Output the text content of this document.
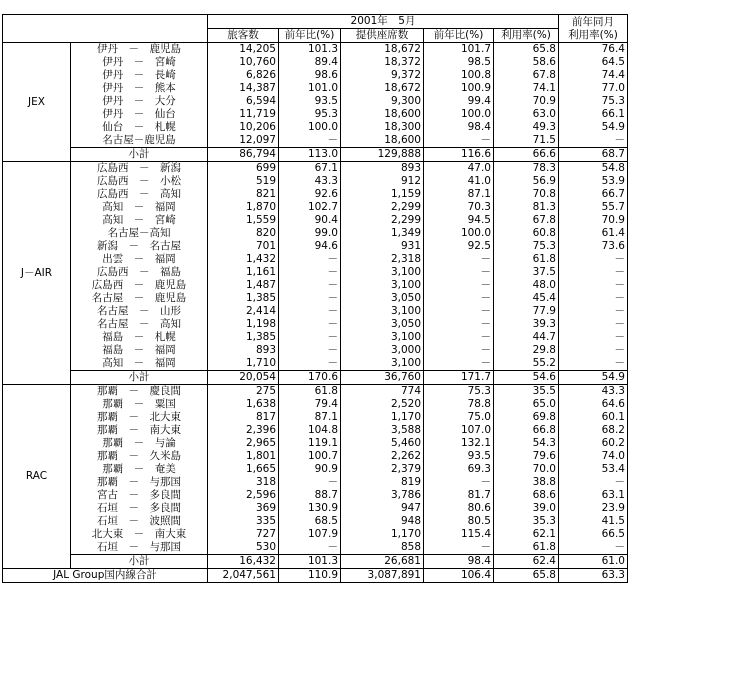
		2001年　5月					前年同月
		旅客数	前年比(%)	提供座席数	前年比(%)	利用率(%)	利用率(%)
JEX	伊丹　－　鹿児島	14,205	101.3	18,672	101.7	65.8	76.4
	伊丹　－　宮崎	10,760	89.4	18,372	98.5	58.6	64.5
	伊丹　－　長崎	6,826	98.6	9,372	100.8	67.8	74.4
	伊丹　－　熊本	14,387	101.0	18,672	100.9	74.1	77.0
	伊丹　－　大分	6,594	93.5	9,300	99.4	70.9	75.3
	伊丹　－　仙台	11,719	95.3	18,600	100.0	63.0	66.1
	仙台　－　札幌	10,206	100.0	18,300	98.4	49.3	54.9
	名古屋－鹿児島	12,097	－	18,600	－	71.5	－
	小計	86,794	113.0	129,888	116.6	66.6	68.7
J－AIR	広島西　－　新潟	699	67.1	893	47.0	78.3	54.8
	広島西　－　小松	519	43.3	912	41.0	56.9	53.9
	広島西　－　高知	821	92.6	1,159	87.1	70.8	66.7
	高知　－　福岡	1,870	102.7	2,299	70.3	81.3	55.7
	高知　－　宮崎	1,559	90.4	2,299	94.5	67.8	70.9
	名古屋－高知	820	99.0	1,349	100.0	60.8	61.4
	新潟　－　名古屋	701	94.6	931	92.5	75.3	73.6
	出雲　－　福岡	1,432	－	2,318	－	61.8	－
	広島西　－　福島	1,161	－	3,100	－	37.5	－
	広島西　－　鹿児島	1,487	－	3,100	－	48.0	－
	名古屋　－　鹿児島	1,385	－	3,050	－	45.4	－
	名古屋　－　山形	2,414	－	3,100	－	77.9	－
	名古屋　－　高知	1,198	－	3,050	－	39.3	－
	福島　－　札幌	1,385	－	3,100	－	44.7	－
	福島　－　福岡	893	－	3,000	－	29.8	－
	高知　－　福岡	1,710	－	3,100	－	55.2	－
	小計	20,054	170.6	36,760	171.7	54.6	54.9
RAC	那覇　－　慶良間	275	61.8	774	75.3	35.5	43.3
	那覇　－　粟国	1,638	79.4	2,520	78.8	65.0	64.6
	那覇　－　北大東	817	87.1	1,170	75.0	69.8	60.1
	那覇　－　南大東	2,396	104.8	3,588	107.0	66.8	68.2
	那覇　－　与論	2,965	119.1	5,460	132.1	54.3	60.2
	那覇　－　久米島	1,801	100.7	2,262	93.5	79.6	74.0
	那覇　－　奄美	1,665	90.9	2,379	69.3	70.0	53.4
	那覇　－　与那国	318	－	819	－	38.8	－
	宮古　－　多良間	2,596	88.7	3,786	81.7	68.6	63.1
	石垣　－　多良間	369	130.9	947	80.6	39.0	23.9
	石垣　－　波照間	335	68.5	948	80.5	35.3	41.5
	北大東　－　南大東	727	107.9	1,170	115.4	62.1	66.5
	石垣　－　与那国	530	－	858	－	61.8	－
	小計	16,432	101.3	26,681	98.4	62.4	61.0
JAL Group国内線合計		2,047,561	110.9	3,087,891	106.4	65.8	63.3
